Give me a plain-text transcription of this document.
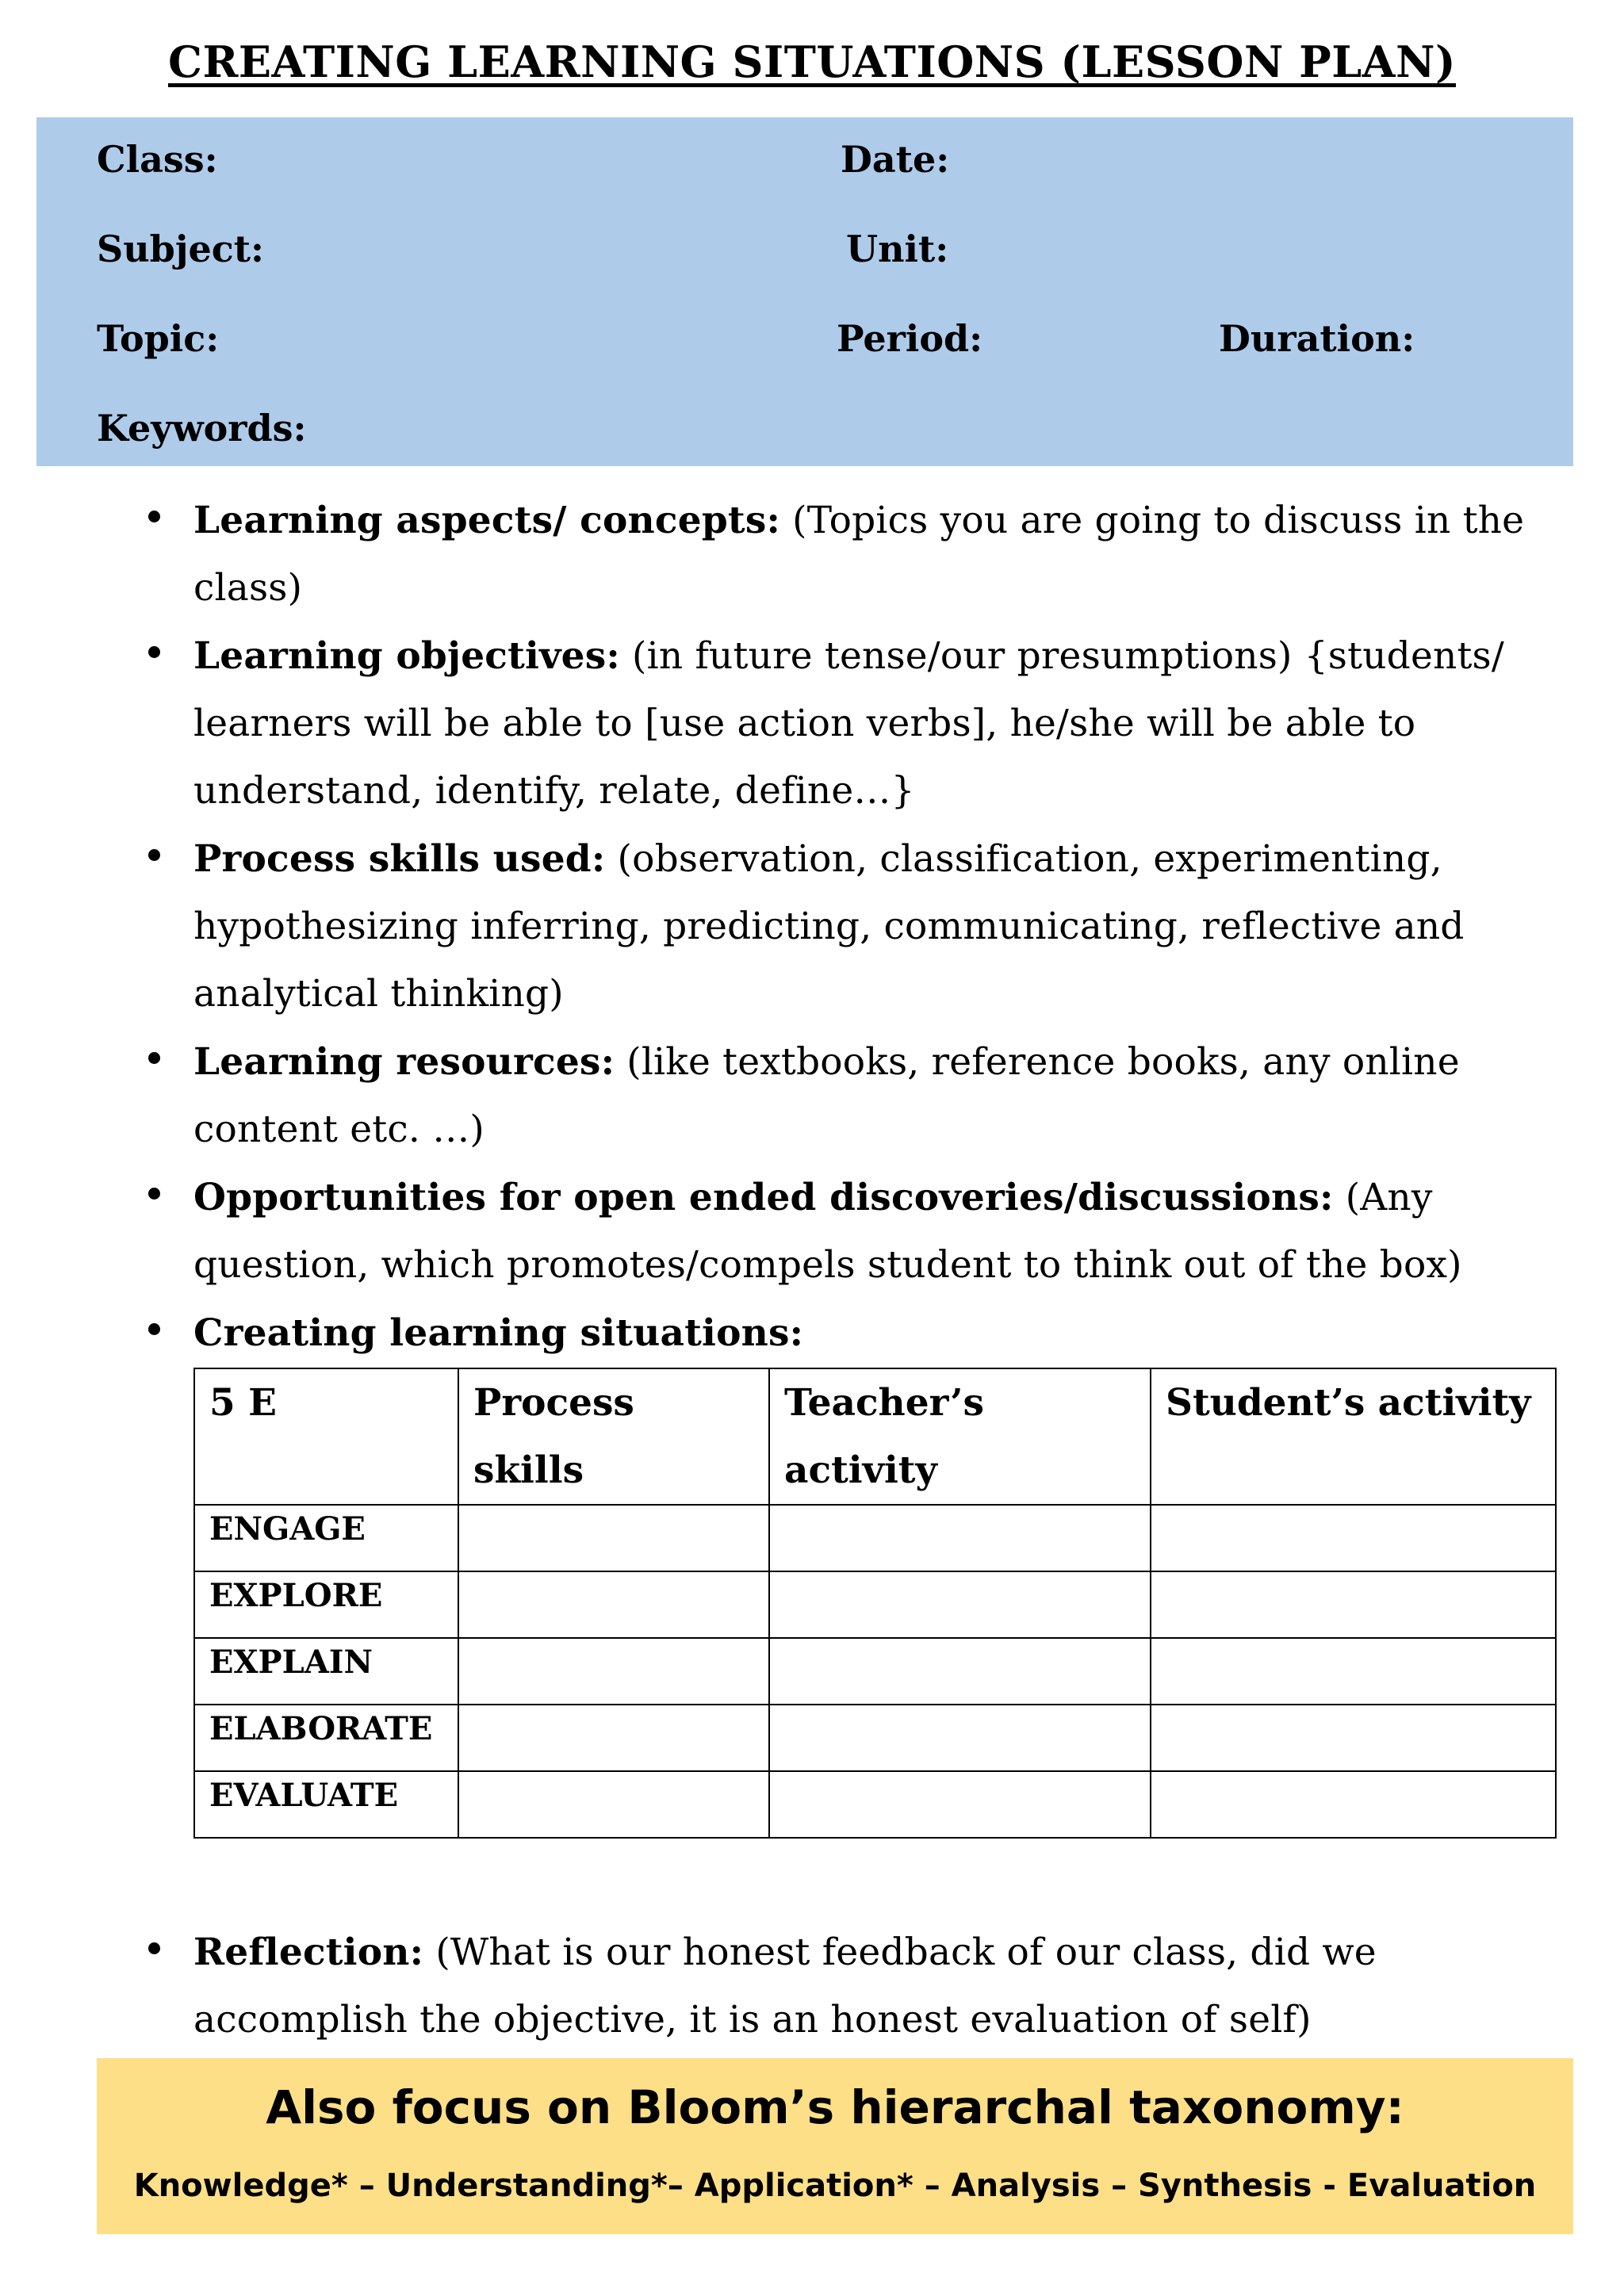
CREATING LEARNING SITUATIONS (LESSON PLAN)
Class:	Date:
Subject:	Unit:
Topic:	Period:	Duration:
Keywords:
Learning aspects/ concepts: (Topics you are going to discuss in the class)
Learning objectives: (in future tense/our presumptions) {students/ learners will be able to [use action verbs], he/she will be able to understand, identify, relate, define…}
Process skills used: (observation, classification, experimenting, hypothesizing inferring, predicting, communicating, reflective and analytical thinking)
Learning resources: (like textbooks, reference books, any online content etc. …)
Opportunities for open ended discoveries/discussions: (Any question, which promotes/compels student to think out of the box)
Creating learning situations:
Reflection: (What is our honest feedback of our class, did we accomplish the objective, it is an honest evaluation of self)
5 E	Process skills	Teacher’s activity	Student’s activity
ENGAGE			
EXPLORE			
EXPLAIN			
ELABORATE			
EVALUATE			
Also focus on Bloom’s hierarchal taxonomy:
Knowledge* – Understanding*– Application* – Analysis – Synthesis - Evaluation
